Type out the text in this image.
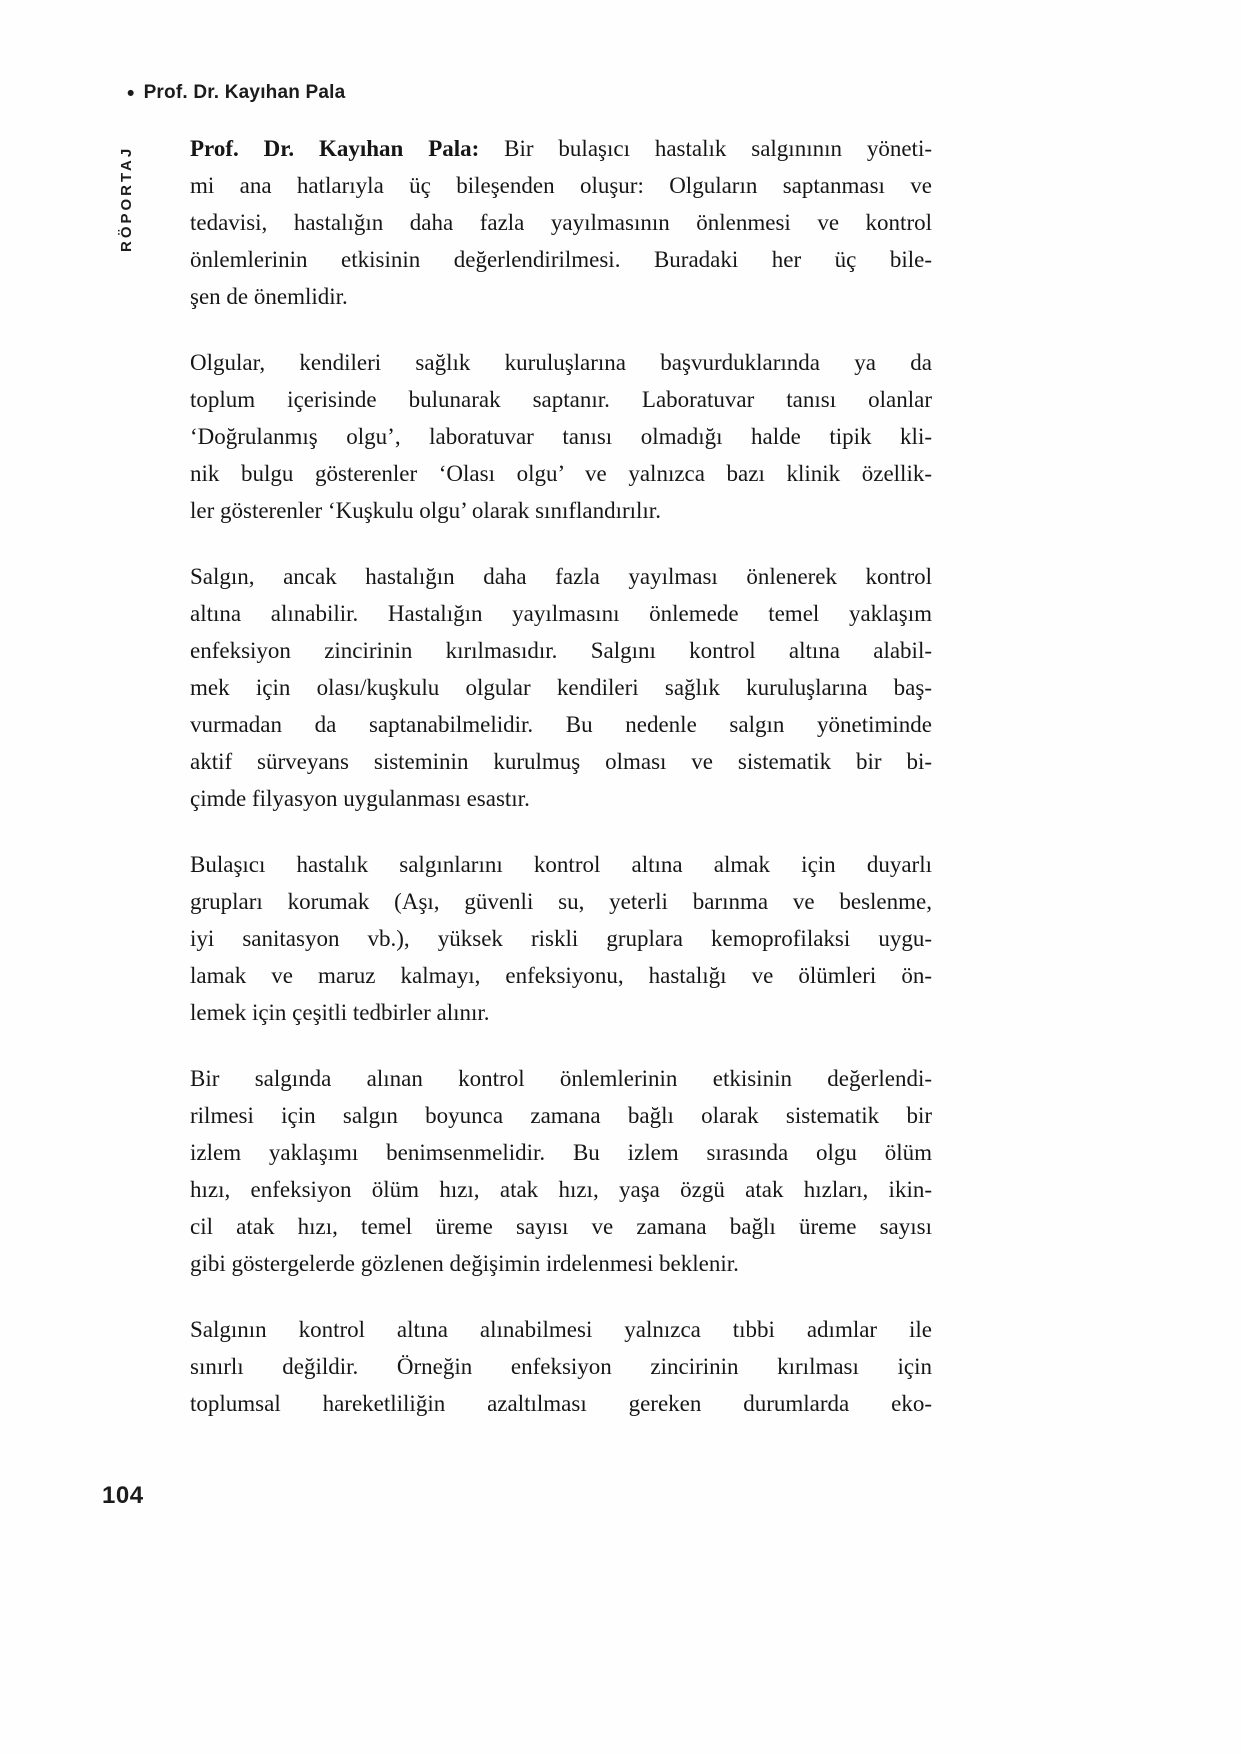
• Prof. Dr. Kayıhan Pala
RÖPORTAJ Prof. Dr. Kayıhan Pala: Bir bulaşıcı hastalık salgınının yöneti-
mi ana hatlarıyla üç bileşenden oluşur: Olguların saptanması ve
tedavisi, hastalığın daha fazla yayılmasının önlenmesi ve kontrol
önlemlerinin etkisinin değerlendirilmesi. Buradaki her üç bile-
şen de önemlidir.
Olgular, kendileri sağlık kuruluşlarına başvurduklarında ya da
toplum içerisinde bulunarak saptanır. Laboratuvar tanısı olanlar
‘Doğrulanmış olgu’, laboratuvar tanısı olmadığı halde tipik kli-
nik bulgu gösterenler ‘Olası olgu’ ve yalnızca bazı klinik özellik-
ler gösterenler ‘Kuşkulu olgu’ olarak sınıflandırılır.
Salgın, ancak hastalığın daha fazla yayılması önlenerek kontrol
altına alınabilir. Hastalığın yayılmasını önlemede temel yaklaşım
enfeksiyon zincirinin kırılmasıdır. Salgını kontrol altına alabil-
mek için olası/kuşkulu olgular kendileri sağlık kuruluşlarına baş-
vurmadan da saptanabilmelidir. Bu nedenle salgın yönetiminde
aktif sürveyans sisteminin kurulmuş olması ve sistematik bir bi-
çimde filyasyon uygulanması esastır.
Bulaşıcı hastalık salgınlarını kontrol altına almak için duyarlı
grupları korumak (Aşı, güvenli su, yeterli barınma ve beslenme,
iyi sanitasyon vb.), yüksek riskli gruplara kemoprofilaksi uygu-
lamak ve maruz kalmayı, enfeksiyonu, hastalığı ve ölümleri ön-
lemek için çeşitli tedbirler alınır.
Bir salgında alınan kontrol önlemlerinin etkisinin değerlendi-
rilmesi için salgın boyunca zamana bağlı olarak sistematik bir
izlem yaklaşımı benimsenmelidir. Bu izlem sırasında olgu ölüm
hızı, enfeksiyon ölüm hızı, atak hızı, yaşa özgü atak hızları, ikin-
cil atak hızı, temel üreme sayısı ve zamana bağlı üreme sayısı
gibi göstergelerde gözlenen değişimin irdelenmesi beklenir.
Salgının kontrol altına alınabilmesi yalnızca tıbbi adımlar ile
sınırlı değildir. Örneğin enfeksiyon zincirinin kırılması için
toplumsal hareketliliğin azaltılması gereken durumlarda eko-
104
